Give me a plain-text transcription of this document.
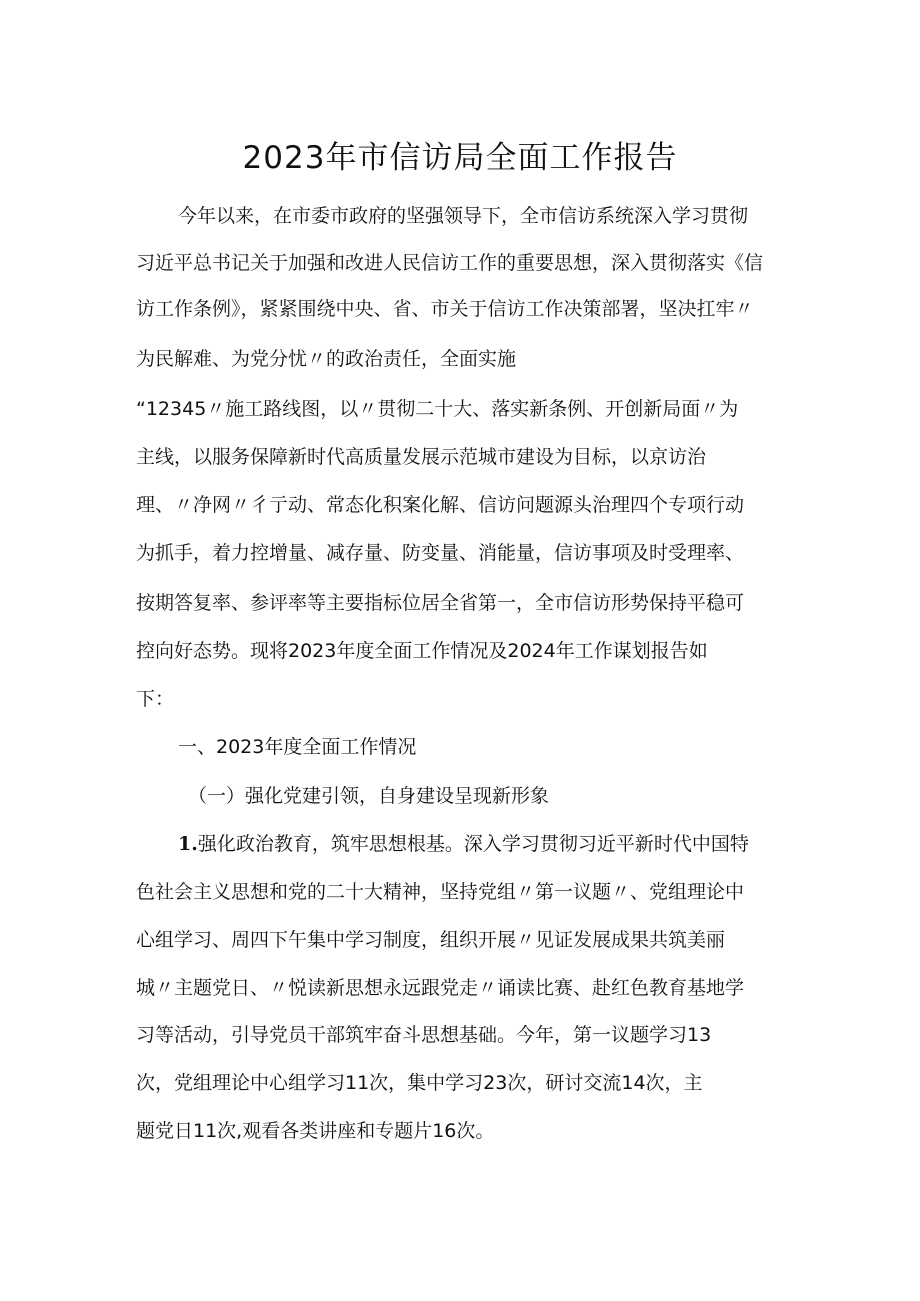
2023年市信访局全面工作报告
今年以来，在市委市政府的坚强领导下，全市信访系统深入学习贯彻
习近平总书记关于加强和改进人民信访工作的重要思想，深入贯彻落实《信
访工作条例》，紧紧围绕中央、省、市关于信访工作决策部署，坚决扛牢〃
为民解难、为党分忧〃的政治责任，全面实施
“12345〃施工路线图，以〃贯彻二十大、落实新条例、开创新局面〃为
主线，以服务保障新时代高质量发展示范城市建设为目标，以京访治
理、〃净网〃彳亍动、常态化积案化解、信访问题源头治理四个专项行动
为抓手，着力控增量、减存量、防变量、消能量，信访事项及时受理率、
按期答复率、参评率等主要指标位居全省第一，全市信访形势保持平稳可
控向好态势。现将2023年度全面工作情况及2024年工作谋划报告如
下：
一、2023年度全面工作情况
（一）强化党建引领，自身建设呈现新形象
1.强化政治教育，筑牢思想根基。深入学习贯彻习近平新时代中国特
色社会主义思想和党的二十大精神，坚持党组〃第一议题〃、党组理论中
心组学习、周四下午集中学习制度，组织开展〃见证发展成果共筑美丽
城〃主题党日、〃悦读新思想永远跟党走〃诵读比赛、赴红色教育基地学
习等活动，引导党员干部筑牢奋斗思想基础。今年，第一议题学习13
次，党组理论中心组学习11次，集中学习23次，研讨交流14次，主
题党日11次,观看各类讲座和专题片16次。
